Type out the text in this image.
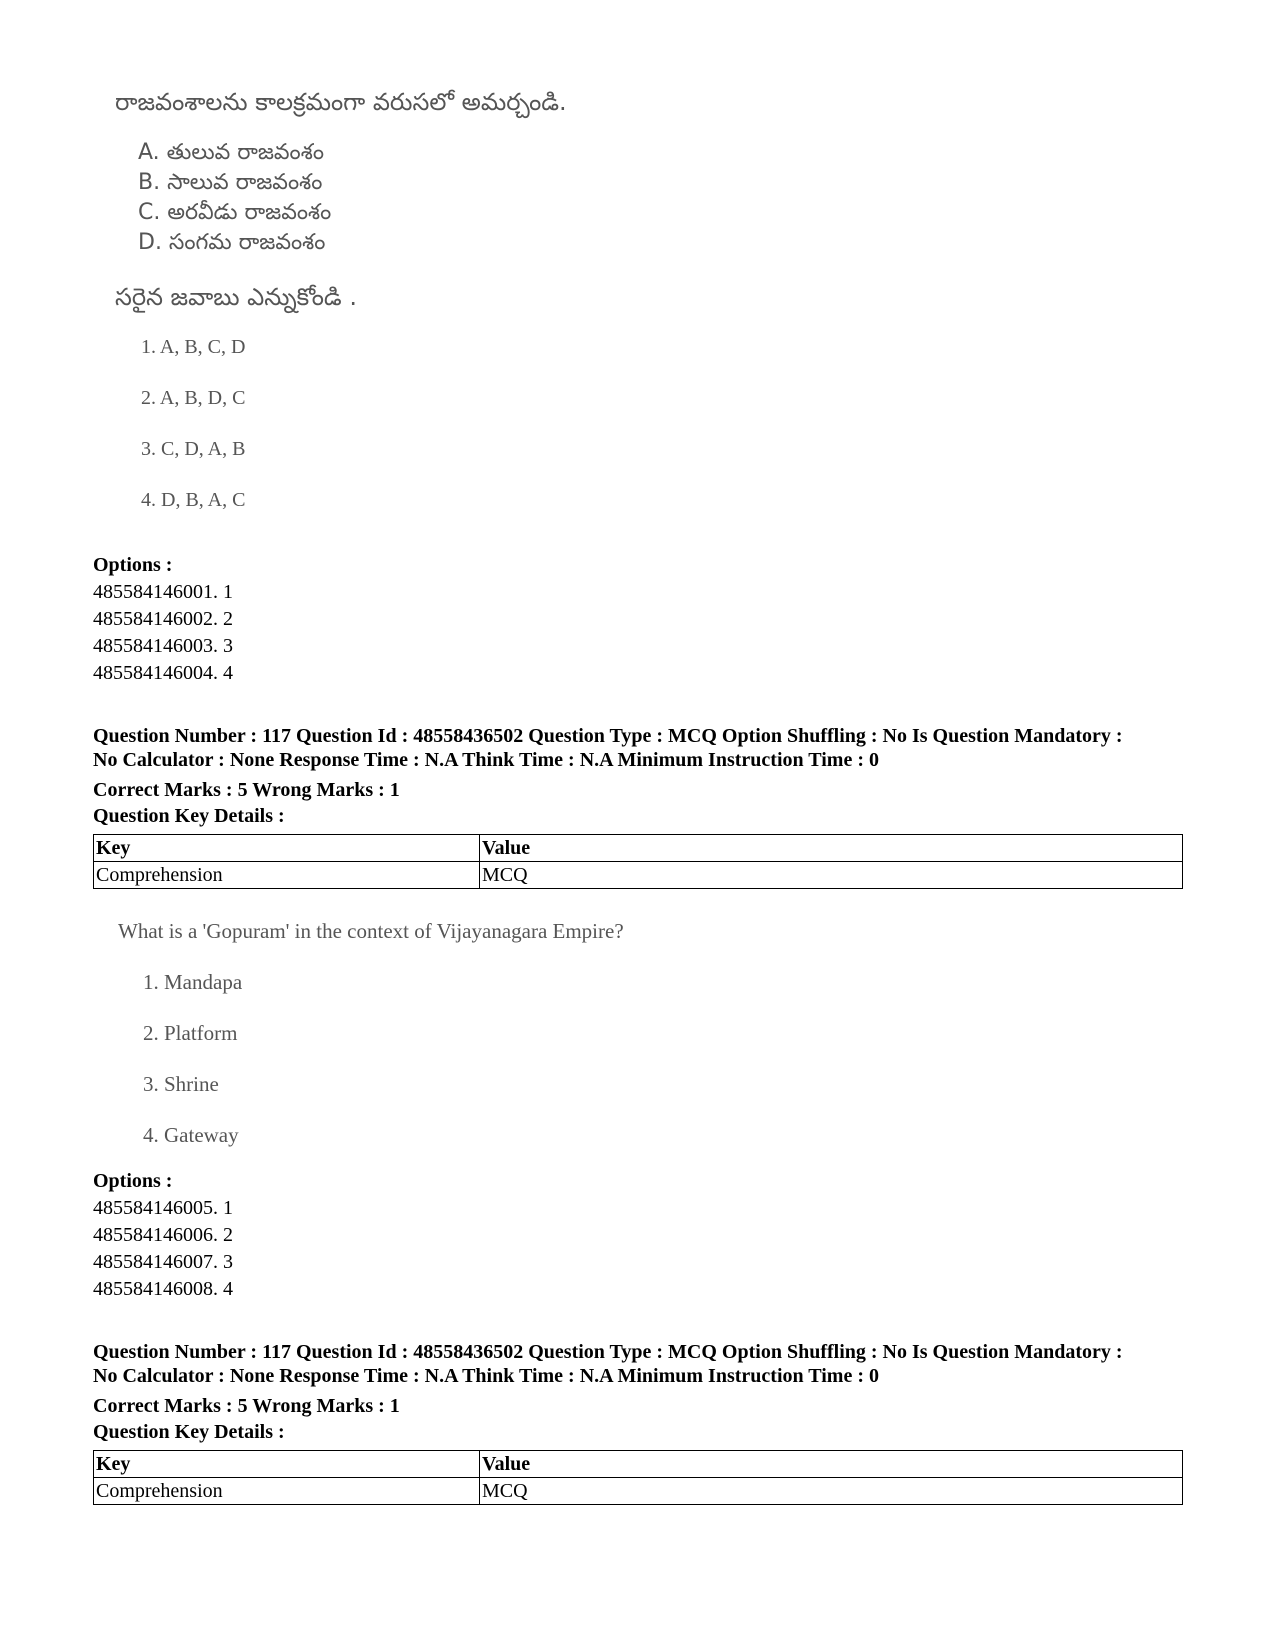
రాజవంశాలను కాలక్రమంగా వరుసలో అమర్చండి.
A. తులువ రాజవంశం
B. సాలువ రాజవంశం
C. అరవీడు రాజవంశం
D. సంగమ రాజవంశం
సరైన జవాబు ఎన్నుకోండి .
1. A, B, C, D
2. A, B, D, C
3. C, D, A, B
4. D, B, A, C
Options :
485584146001. 1
485584146002. 2
485584146003. 3
485584146004. 4
Question Number : 117 Question Id : 48558436502 Question Type : MCQ Option Shuffling : No Is Question Mandatory :
No Calculator : None Response Time : N.A Think Time : N.A Minimum Instruction Time : 0
Correct Marks : 5 Wrong Marks : 1
Question Key Details :
Key	Value
Comprehension	MCQ
What is a 'Gopuram' in the context of Vijayanagara Empire?
1. Mandapa
2. Platform
3. Shrine
4. Gateway
Options :
485584146005. 1
485584146006. 2
485584146007. 3
485584146008. 4
Question Number : 117 Question Id : 48558436502 Question Type : MCQ Option Shuffling : No Is Question Mandatory :
No Calculator : None Response Time : N.A Think Time : N.A Minimum Instruction Time : 0
Correct Marks : 5 Wrong Marks : 1
Question Key Details :
Key	Value
Comprehension	MCQ
